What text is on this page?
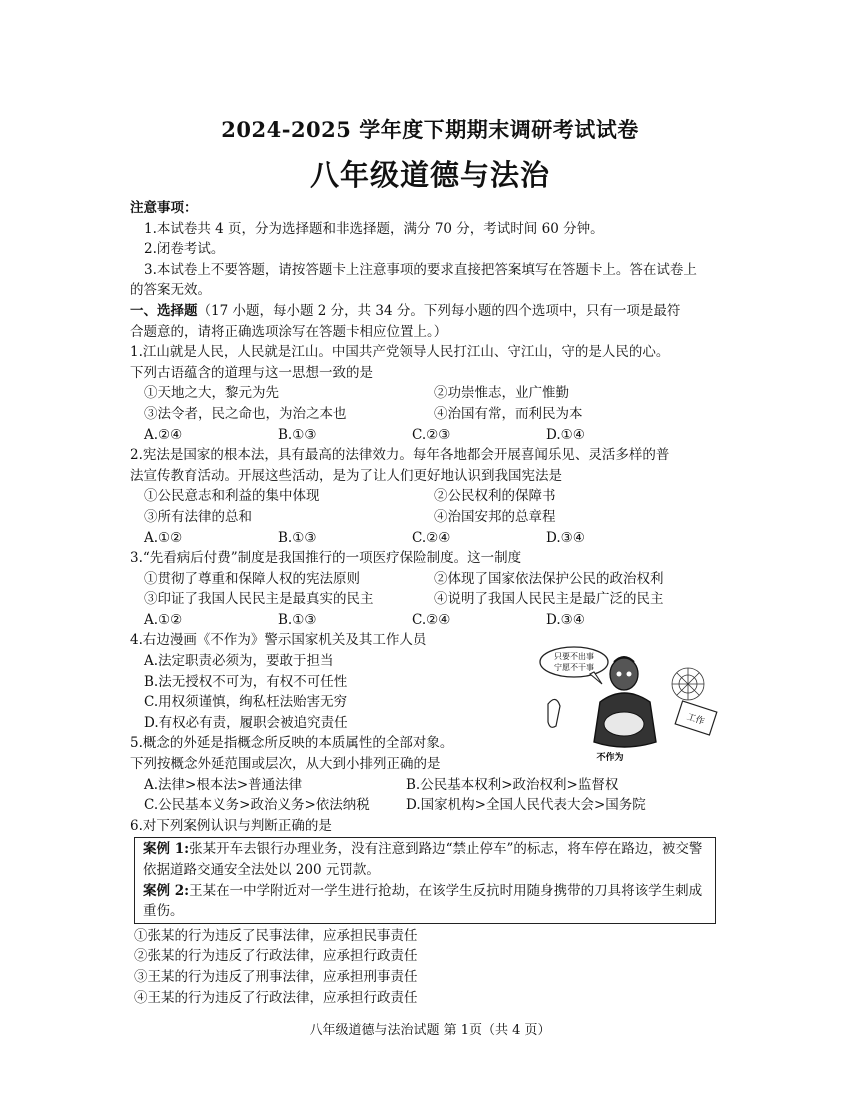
2024-2025 学年度下期期末调研考试试卷
八年级道德与法治
注意事项：
1.本试卷共 4 页，分为选择题和非选择题，满分 70 分，考试时间 60 分钟。
2.闭卷考试。
3.本试卷上不要答题，请按答题卡上注意事项的要求直接把答案填写在答题卡上。答在试卷上
的答案无效。
一、选择题（17 小题，每小题 2 分，共 34 分。下列每小题的四个选项中，只有一项是最符
合题意的，请将正确选项涂写在答题卡相应位置上。）
1.江山就是人民，人民就是江山。中国共产党领导人民打江山、守江山，守的是人民的心。
下列古语蕴含的道理与这一思想一致的是
①天地之大，黎元为先	②功崇惟志，业广惟勤
③法令者，民之命也，为治之本也	④治国有常，而利民为本
A.②④	B.①③	C.②③	D.①④
2.宪法是国家的根本法，具有最高的法律效力。每年各地都会开展喜闻乐见、灵活多样的普
法宣传教育活动。开展这些活动，是为了让人们更好地认识到我国宪法是
①公民意志和利益的集中体现	②公民权利的保障书
③所有法律的总和	④治国安邦的总章程
A.①②	B.①③	C.②④	D.③④
3.“先看病后付费”制度是我国推行的一项医疗保险制度。这一制度
①贯彻了尊重和保障人权的宪法原则	②体现了国家依法保护公民的政治权利
③印证了我国人民民主是最真实的民主	④说明了我国人民民主是最广泛的民主
A.①②	B.①③	C.②④	D.③④
4.右边漫画《不作为》警示国家机关及其工作人员
A.法定职责必须为，要敢于担当
B.法无授权不可为，有权不可任性
C.用权须谨慎，绚私枉法贻害无穷
D.有权必有责，履职会被追究责任
只要不出事
宁愿不干事
工作
不作为
5.概念的外延是指概念所反映的本质属性的全部对象。
下列按概念外延范围或层次，从大到小排列正确的是
A.法律>根本法>普通法律	B.公民基本权利>政治权利>监督权
C.公民基本义务>政治义务>依法纳税	D.国家机构>全国人民代表大会>国务院
6.对下列案例认识与判断正确的是

案例 1:张某开车去银行办理业务，没有注意到路边“禁止停车”的标志，将车停在路边，被交警依据道路交通安全法处以 200 元罚款。

案例 2:王某在一中学附近对一学生进行抢劫，在该学生反抗时用随身携带的刀具将该学生刺成重伤。

①张某的行为违反了民事法律，应承担民事责任
②张某的行为违反了行政法律，应承担行政责任
③王某的行为违反了刑事法律，应承担刑事责任
④王某的行为违反了行政法律，应承担行政责任
八年级道德与法治试题 第 1页（共 4 页）
